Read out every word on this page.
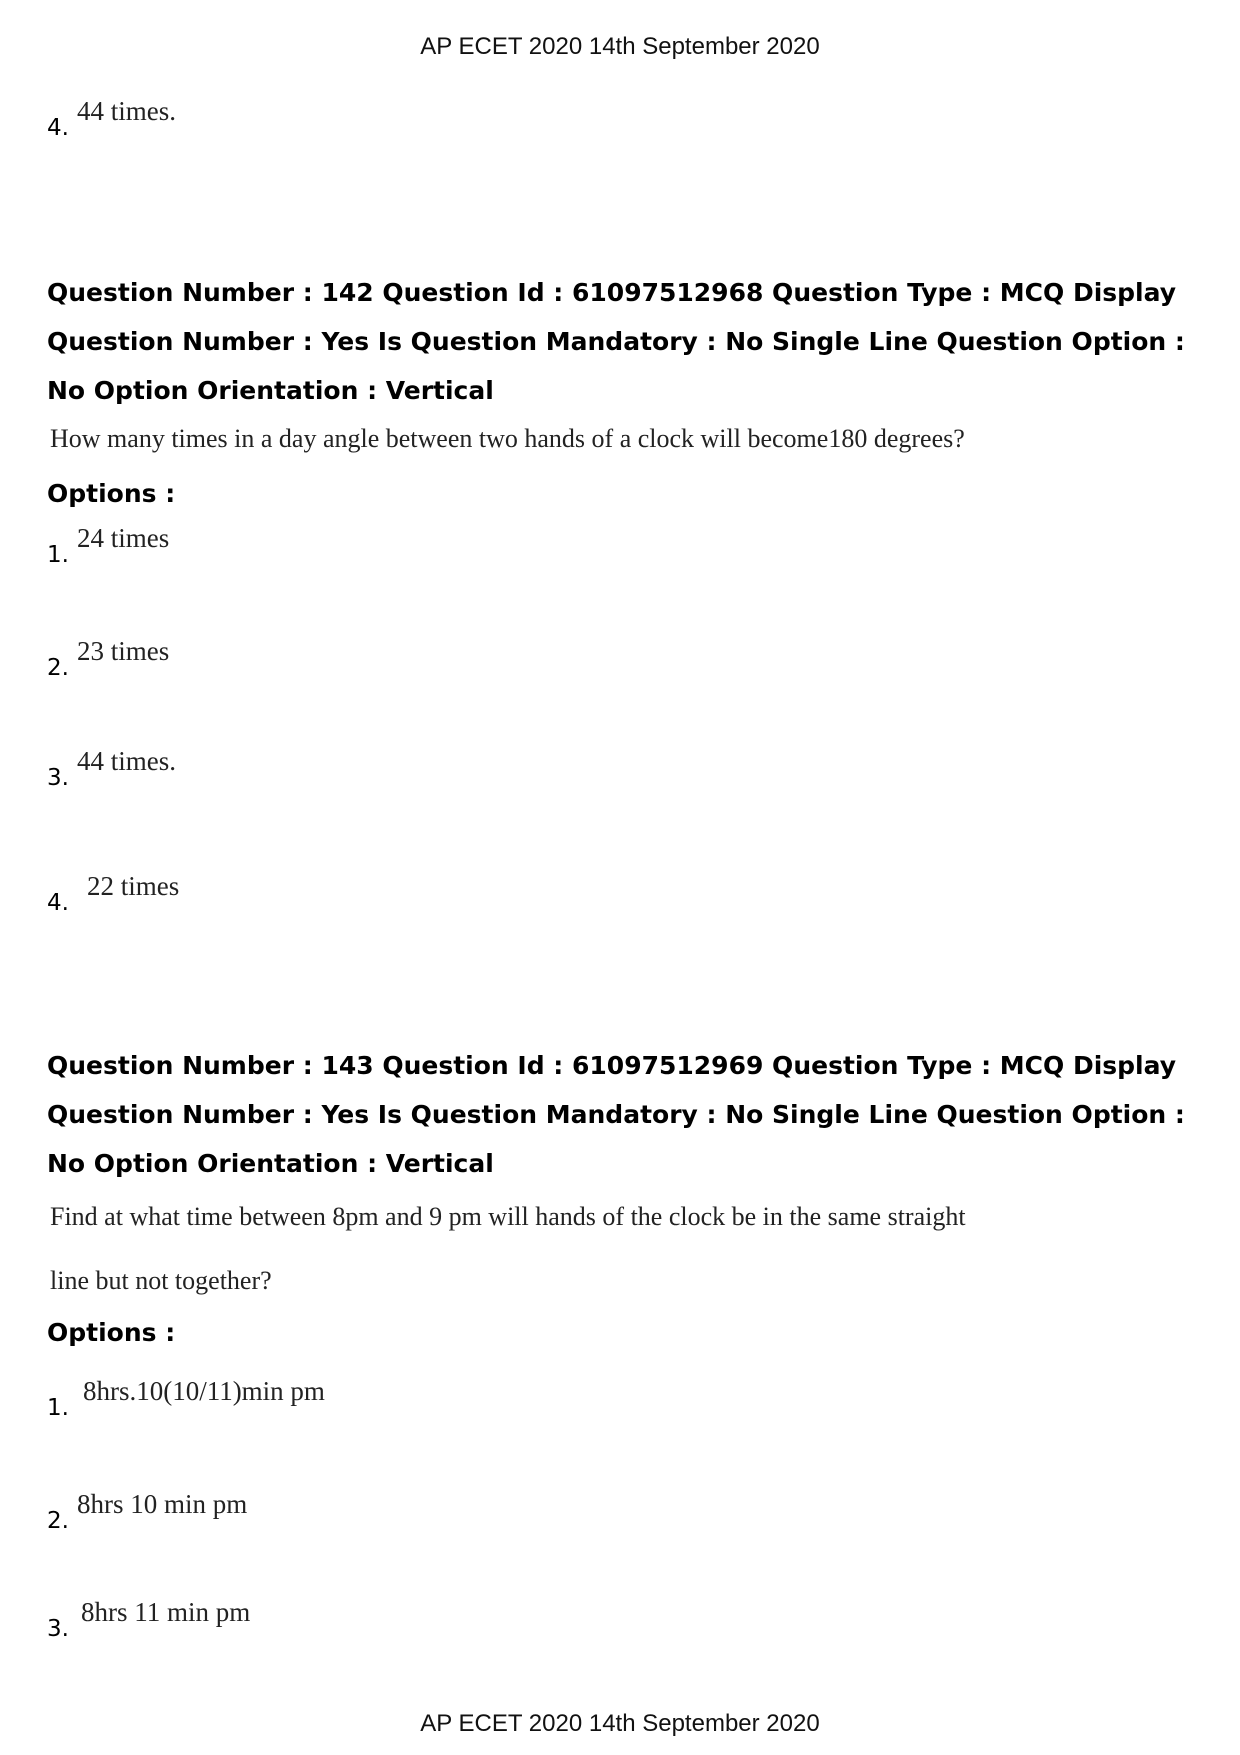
AP ECET 2020 14th September 2020
4.
44 times.
Question Number : 142 Question Id : 61097512968 Question Type : MCQ Display Question Number : Yes Is Question Mandatory : No Single Line Question Option : No Option Orientation : Vertical
How many times in a day angle between two hands of a clock will become180 degrees?
Options :
1.
24 times
2.
23 times
3.
44 times.
4.
22 times
Question Number : 143 Question Id : 61097512969 Question Type : MCQ Display Question Number : Yes Is Question Mandatory : No Single Line Question Option : No Option Orientation : Vertical
Find at what time between 8pm and 9 pm will hands of the clock be in the same straight
line but not together?
Options :
1.
8hrs.10(10/11)min pm
2.
8hrs 10 min pm
3.
8hrs 11 min pm
AP ECET 2020 14th September 2020
